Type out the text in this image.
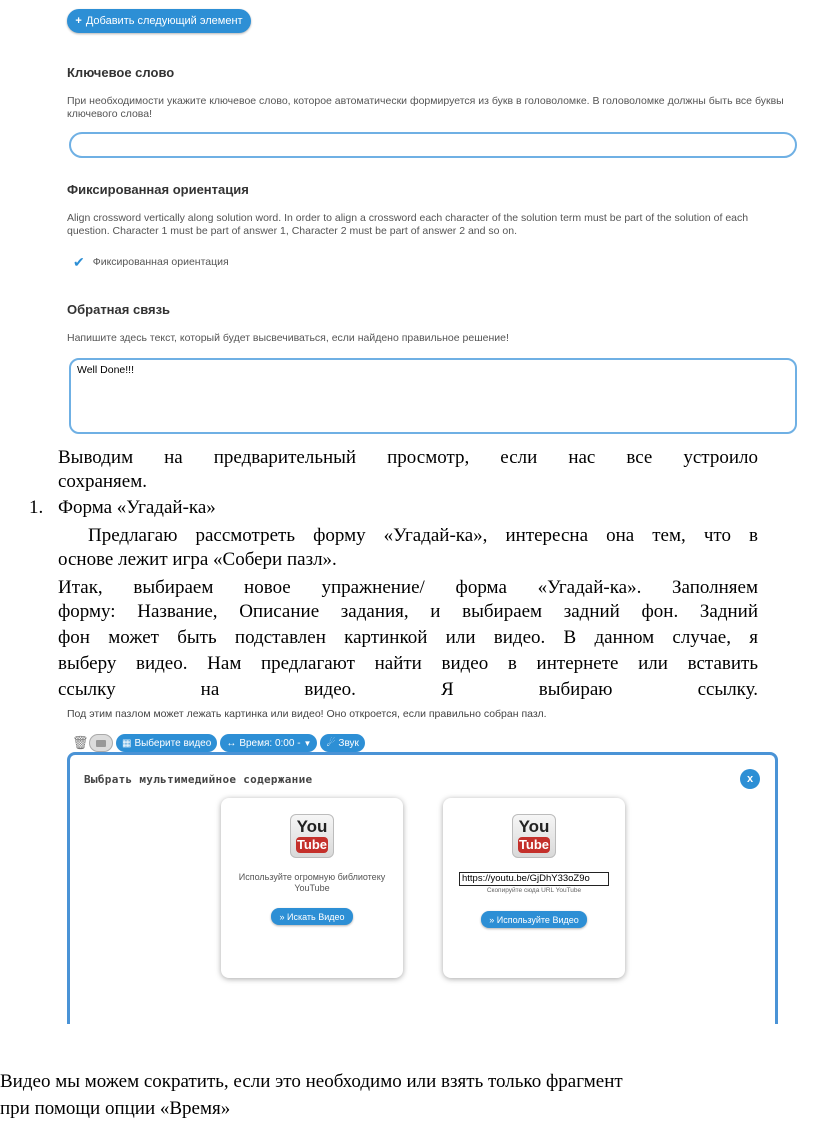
+ Добавить следующий элемент
Ключевое слово
При необходимости укажите ключевое слово, которое автоматически формируется из букв в головоломке. В головоломке должны быть все буквы ключевого слова!
Фиксированная ориентация
Align crossword vertically along solution word. In order to align a crossword each character of the solution term must be part of the solution of each question. Character 1 must be part of answer 1, Character 2 must be part of answer 2 and so on.
✔ Фиксированная ориентация
Обратная связь
Напишите здесь текст, который будет высвечиваться, если найдено правильное решение!
Well Done!!!
Выводим на предварительный просмотр, если нас все устроило
сохраняем.
1. Форма «Угадай-ка»
Предлагаю рассмотреть форму «Угадай-ка», интересна она тем, что в
основе лежит игра «Собери пазл».
Итак, выбираем новое упражнение/ форма «Угадай-ка». Заполняем
форму: Название, Описание задания, и выбираем задний фон. Задний
фон может быть подставлен картинкой или видео. В данном случае, я
выберу видео. Нам предлагают найти видео в интернете или вставить
ссылку на видео. Я выбираю ссылку.
Под этим пазлом может лежать картинка или видео! Оно откроется, если правильно собран пазл.
🗑	▦ Выберите видео ↔ Время: 0:00 - ▼ ☄ Звук
Выбрать мультимедийное содержание	x
You
Tube
Используйте огромную библиотеку YouTube
» Искать Видео
You
Tube
https://youtu.be/GjDhY33oZ9o
Скопируйте сюда URL YouTube
» Используйте Видео
Видео мы можем сократить, если это необходимо или взять только фрагмент
при помощи опции «Время»
